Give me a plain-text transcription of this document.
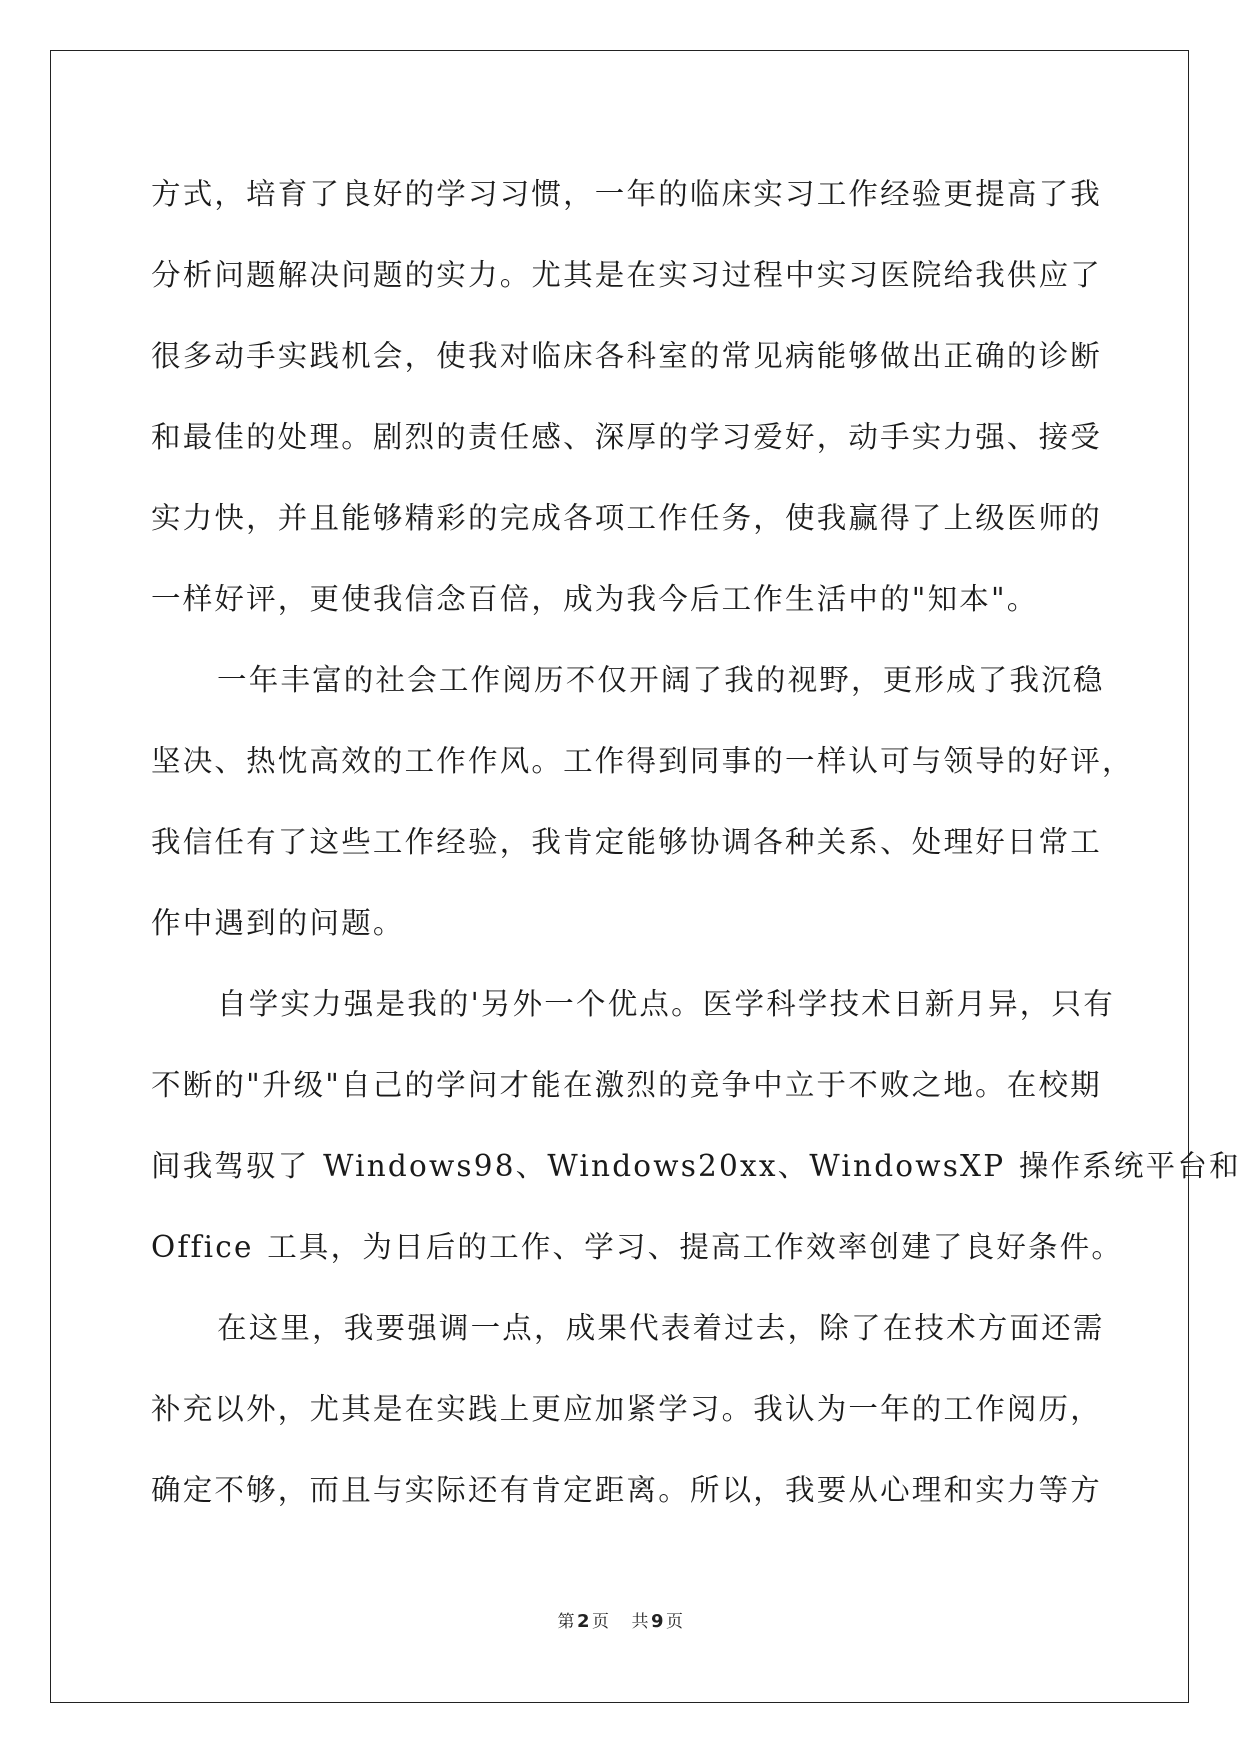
方式，培育了良好的学习习惯，一年的临床实习工作经验更提高了我
分析问题解决问题的实力。尤其是在实习过程中实习医院给我供应了
很多动手实践机会，使我对临床各科室的常见病能够做出正确的诊断
和最佳的处理。剧烈的责任感、深厚的学习爱好，动手实力强、接受
实力快，并且能够精彩的完成各项工作任务，使我赢得了上级医师的
一样好评，更使我信念百倍，成为我今后工作生活中的"知本"。
一年丰富的社会工作阅历不仅开阔了我的视野，更形成了我沉稳
坚决、热忱高效的工作作风。工作得到同事的一样认可与领导的好评，
我信任有了这些工作经验，我肯定能够协调各种关系、处理好日常工
作中遇到的问题。
自学实力强是我的'另外一个优点。医学科学技术日新月异，只有
不断的"升级"自己的学问才能在激烈的竞争中立于不败之地。在校期
间我驾驭了 Windows98、Windows20xx、WindowsXP 操作系统平台和
Office 工具，为日后的工作、学习、提高工作效率创建了良好条件。
在这里，我要强调一点，成果代表着过去，除了在技术方面还需
补充以外，尤其是在实践上更应加紧学习。我认为一年的工作阅历，
确定不够，而且与实际还有肯定距离。所以，我要从心理和实力等方
第 2 页 共 9 页
